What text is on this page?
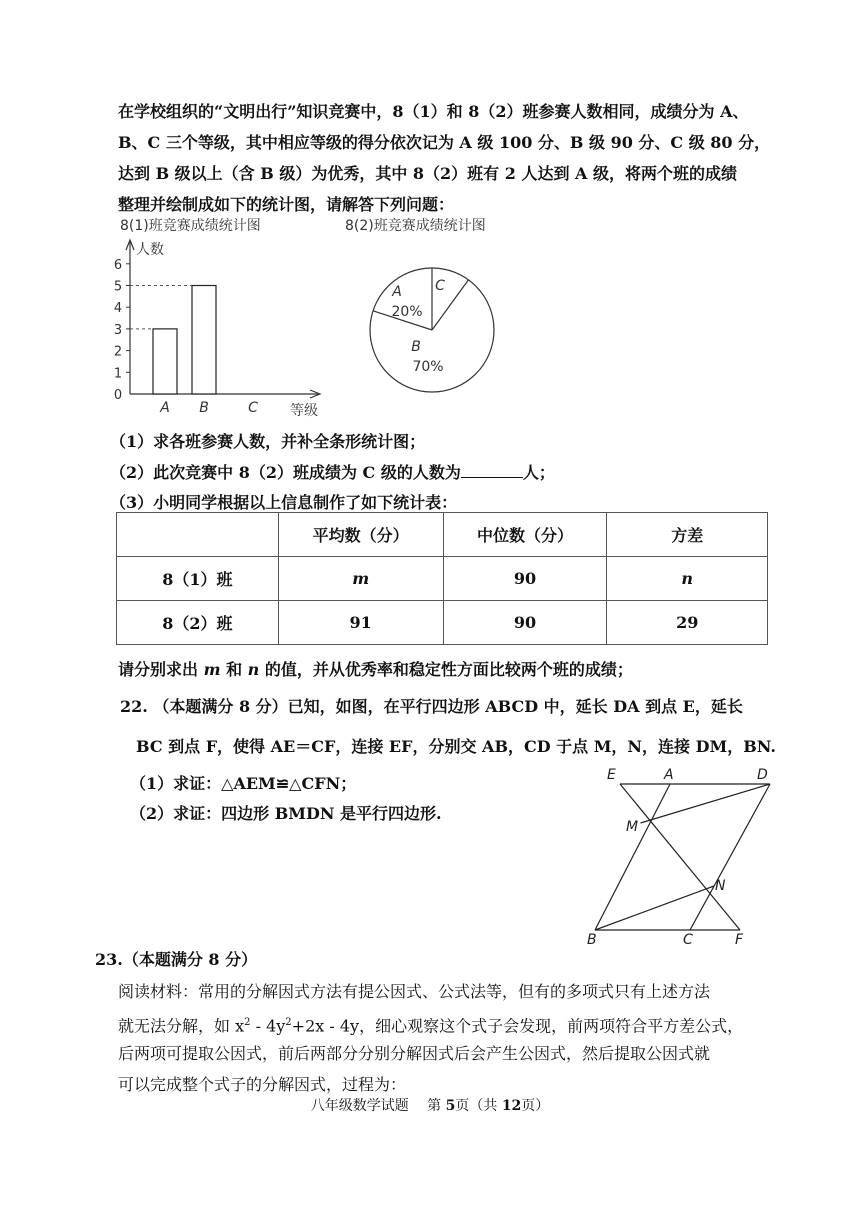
在学校组织的“文明出行”知识竞赛中，8（1）和 8（2）班参赛人数相同，成绩分为 A、
B、C 三个等级，其中相应等级的得分依次记为 A 级 100 分、B 级 90 分、C 级 80 分，
达到 B 级以上（含 B 级）为优秀，其中 8（2）班有 2 人达到 A 级，将两个班的成绩
整理并绘制成如下的统计图，请解答下列问题：
8(1)班竞赛成绩统计图	8(2)班竞赛成绩统计图
0
1
2
3
4
5
6
人数
A B	C 等级
A
20%
C
B
70%
（1）求各班参赛人数，并补全条形统计图；
（2）此次竞赛中 8（2）班成绩为 C 级的人数为	人；
（3）小明同学根据以上信息制作了如下统计表：
	平均数（分）	中位数（分）	方差
8（1）班	m	90	n
8（2）班	91	90	29
请分别求出 m 和 n 的值，并从优秀率和稳定性方面比较两个班的成绩；
22. （本题满分 8 分）已知，如图，在平行四边形 ABCD 中，延长 DA 到点 E，延长
BC 到点 F，使得 AE＝CF，连接 EF，分别交 AB，CD 于点 M，N，连接 DM，BN.
（1）求证：△AEM≌△CFN；
（2）求证：四边形 BMDN 是平行四边形.
E	A	D
M
N
B	C	F
23.（本题满分 8 分）
阅读材料：常用的分解因式方法有提公因式、公式法等，但有的多项式只有上述方法
就无法分解，如 $x^2 - 4y^2+2x - 4y$，细心观察这个式子会发现，前两项符合平方差公式，
后两项可提取公因式，前后两部分分别分解因式后会产生公因式，然后提取公因式就
可以完成整个式子的分解因式，过程为：
八年级数学试题 第 5页（共 12页）
